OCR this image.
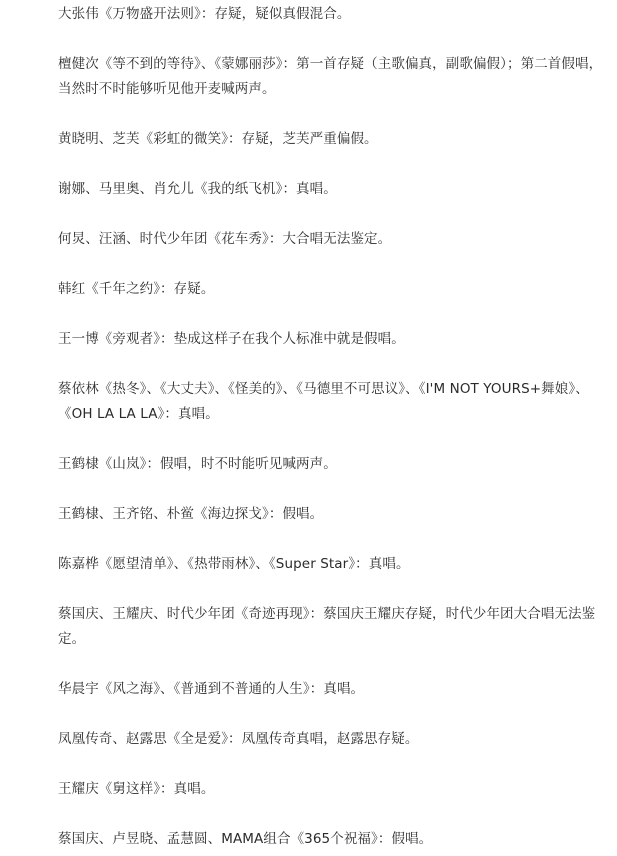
大张伟《万物盛开法则》：存疑，疑似真假混合。
檀健次《等不到的等待》、《蒙娜丽莎》：第一首存疑（主歌偏真，副歌偏假）；第二首假唱，当然时不时能够听见他开麦喊两声。
黄晓明、芝芙《彩虹的微笑》：存疑，芝芙严重偏假。
谢娜、马里奥、肖允儿《我的纸飞机》：真唱。
何炅、汪涵、时代少年团《花车秀》：大合唱无法鉴定。
韩红《千年之约》：存疑。
王一博《旁观者》：垫成这样子在我个人标准中就是假唱。
蔡依林《热冬》、《大丈夫》、《怪美的》、《马德里不可思议》、《I'M NOT YOURS+舞娘》、《OH LA LA LA》：真唱。
王鹤棣《山岚》：假唱，时不时能听见喊两声。
王鹤棣、王齐铭、朴鲎《海边探戈》：假唱。
陈嘉桦《愿望清单》、《热带雨林》、《Super Star》：真唱。
蔡国庆、王耀庆、时代少年团《奇迹再现》：蔡国庆王耀庆存疑，时代少年团大合唱无法鉴定。
华晨宇《风之海》、《普通到不普通的人生》：真唱。
凤凰传奇、赵露思《全是爱》：凤凰传奇真唱，赵露思存疑。
王耀庆《舅这样》：真唱。
蔡国庆、卢昱晓、孟慧圆、MAMA组合《365个祝福》：假唱。
